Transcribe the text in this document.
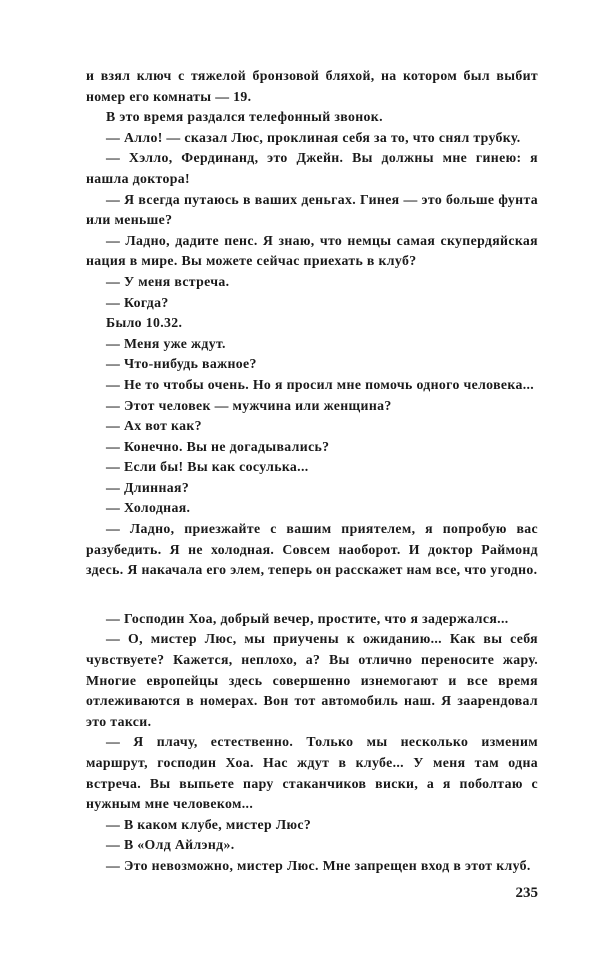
и взял ключ с тяжелой бронзовой бляхой, на котором был выбит номер его комнаты — 19.

В это время раздался телефонный звонок.

— Алло! — сказал Люс, проклиная себя за то, что снял трубку.

— Хэлло, Фердинанд, это Джейн. Вы должны мне гинею: я нашла доктора!

— Я всегда путаюсь в ваших деньгах. Гинея — это больше фунта или меньше?

— Ладно, дадите пенс. Я знаю, что немцы самая скупердяйская нация в мире. Вы можете сейчас приехать в клуб?

— У меня встреча.

— Когда?

Было 10.32.

— Меня уже ждут.

— Что-нибудь важное?

— Не то чтобы очень. Но я просил мне помочь одного человека...

— Этот человек — мужчина или женщина?

— Ах вот как?

— Конечно. Вы не догадывались?

— Если бы! Вы как сосулька...

— Длинная?

— Холодная.

— Ладно, приезжайте с вашим приятелем, я попробую вас разубедить. Я не холодная. Совсем наоборот. И доктор Раймонд здесь. Я накачала его элем, теперь он расскажет нам все, что угодно.

— Господин Хоа, добрый вечер, простите, что я задержался...

— О, мистер Люс, мы приучены к ожиданию... Как вы себя чувствуете? Кажется, неплохо, а? Вы отлично переносите жару. Многие европейцы здесь совершенно изнемогают и все время отлеживаются в номерах. Вон тот автомобиль наш. Я заарендовал это такси.

— Я плачу, естественно. Только мы несколько изменим маршрут, господин Хоа. Нас ждут в клубе... У меня там одна встреча. Вы выпьете пару стаканчиков виски, а я поболтаю с нужным мне человеком...

— В каком клубе, мистер Люс?

— В «Олд Айлэнд».

— Это невозможно, мистер Люс. Мне запрещен вход в этот клуб.

235
